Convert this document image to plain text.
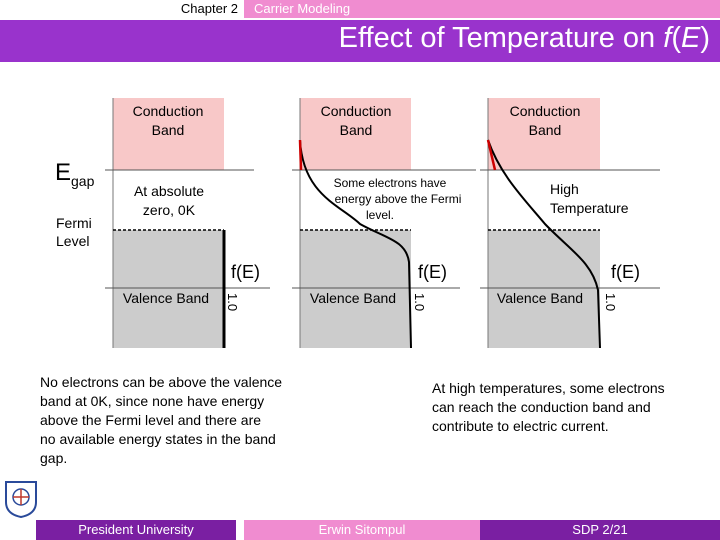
Chapter 2	Carrier Modeling
Effect of Temperature on f(E)
$E_{gap}$
Fermi
Level
Conduction
Band
At absolute
zero, 0K
Valence Band
f(E)
1.0
Conduction
Band
Some electrons have
energy above the Fermi
level.
Valence Band
f(E)
1.0
Conduction
Band
High
Temperature
Valence Band
f(E)
1.0
No electrons can be above the valence
band at 0K, since none have energy
above the Fermi level and there are
no available energy states in the band
gap.
At high temperatures, some electrons
can reach the conduction band and
contribute to electric current.
President University	Erwin Sitompul	SDP 2/21
